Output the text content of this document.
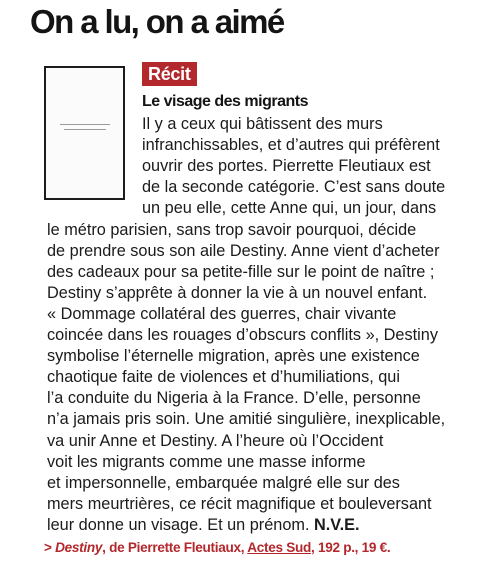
On a lu, on a aimé
Récit
Le visage des migrants
Il y a ceux qui bâtissent des murs
infranchissables, et d’autres qui préfèrent
ouvrir des portes. Pierrette Fleutiaux est
de la seconde catégorie. C’est sans doute
un peu elle, cette Anne qui, un jour, dans
le métro parisien, sans trop savoir pourquoi, décide
de prendre sous son aile Destiny. Anne vient d’acheter
des cadeaux pour sa petite-fille sur le point de naître ;
Destiny s’apprête à donner la vie à un nouvel enfant.
« Dommage collatéral des guerres, chair vivante
coincée dans les rouages d’obscurs conflits », Destiny
symbolise l’éternelle migration, après une existence
chaotique faite de violences et d’humiliations, qui
l’a conduite du Nigeria à la France. D’elle, personne
n’a jamais pris soin. Une amitié singulière, inexplicable,
va unir Anne et Destiny. A l’heure où l’Occident
voit les migrants comme une masse informe
et impersonnelle, embarquée malgré elle sur des
mers meurtrières, ce récit magnifique et bouleversant
leur donne un visage. Et un prénom. N.V.E.
> Destiny, de Pierrette Fleutiaux, Actes Sud, 192 p., 19 €.
